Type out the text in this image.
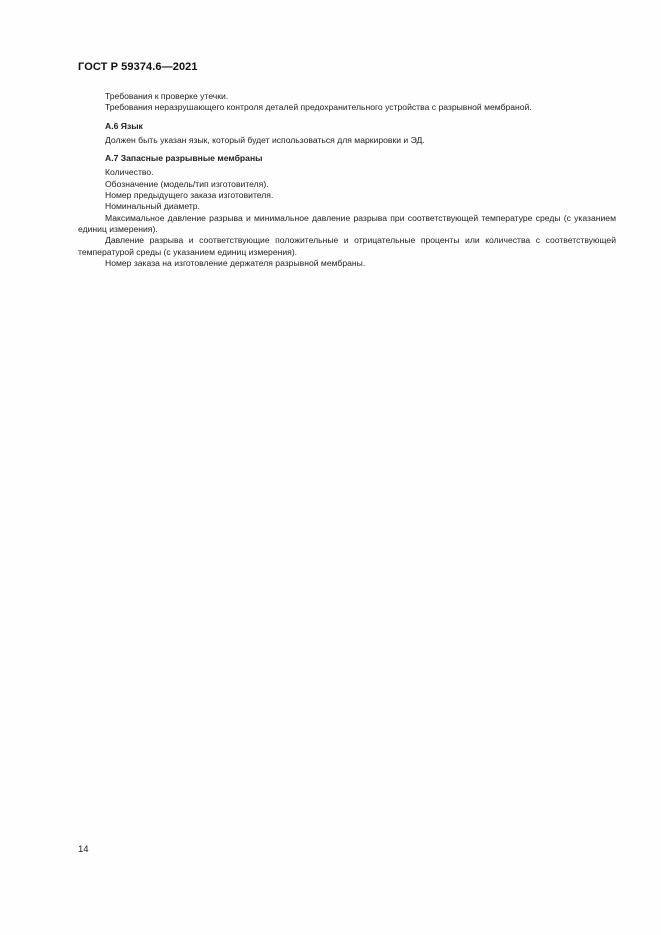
ГОСТ Р 59374.6—2021

Требования к проверке утечки.

Требования неразрушающего контроля деталей предохранительного устройства с разрывной мембраной.

А.6 Язык

Должен быть указан язык, который будет использоваться для маркировки и ЭД.

А.7 Запасные разрывные мембраны

Количество.

Обозначение (модель/тип изготовителя).

Номер предыдущего заказа изготовителя.

Номинальный диаметр.

Максимальное давление разрыва и минимальное давление разрыва при соответствующей температуре среды (с указанием единиц измерения).

Давление разрыва и соответствующие положительные и отрицательные проценты или количества с соответствующей температурой среды (с указанием единиц измерения).

Номер заказа на изготовление держателя разрывной мембраны.

14
